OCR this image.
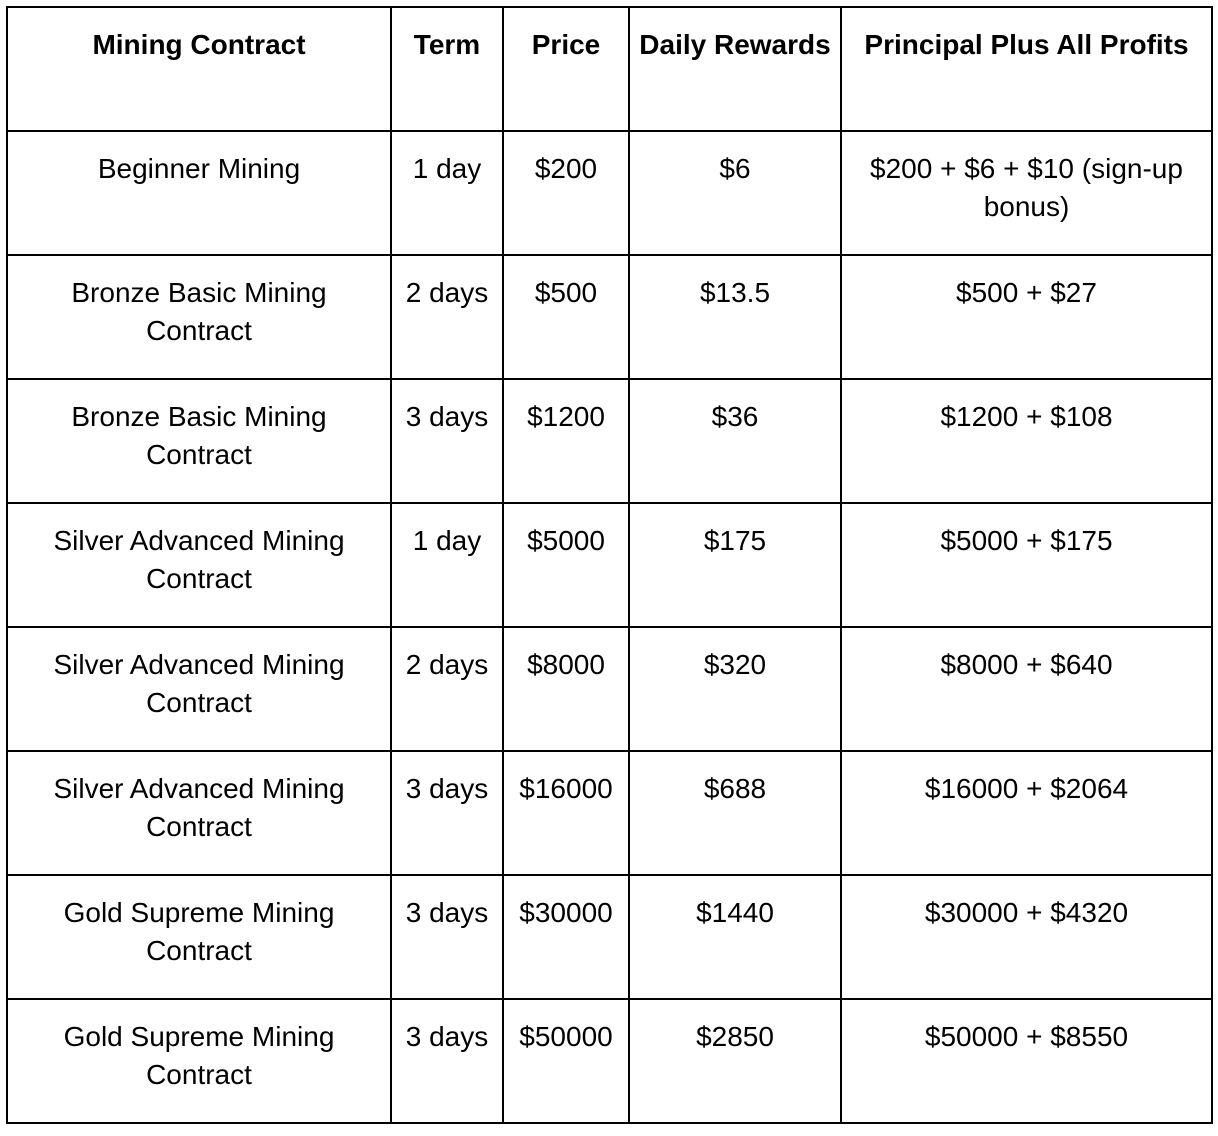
Mining Contract	Term	Price	Daily Rewards	Principal Plus All Profits
Beginner Mining	1 day	$200	$6	$200 + $6 + $10 (sign-up bonus)
Bronze Basic Mining Contract	2 days	$500	$13.5	$500 + $27
Bronze Basic Mining Contract	3 days	$1200	$36	$1200 + $108
Silver Advanced Mining Contract	1 day	$5000	$175	$5000 + $175
Silver Advanced Mining Contract	2 days	$8000	$320	$8000 + $640
Silver Advanced Mining Contract	3 days	$16000	$688	$16000 + $2064
Gold Supreme Mining Contract	3 days	$30000	$1440	$30000 + $4320
Gold Supreme Mining Contract	3 days	$50000	$2850	$50000 + $8550
